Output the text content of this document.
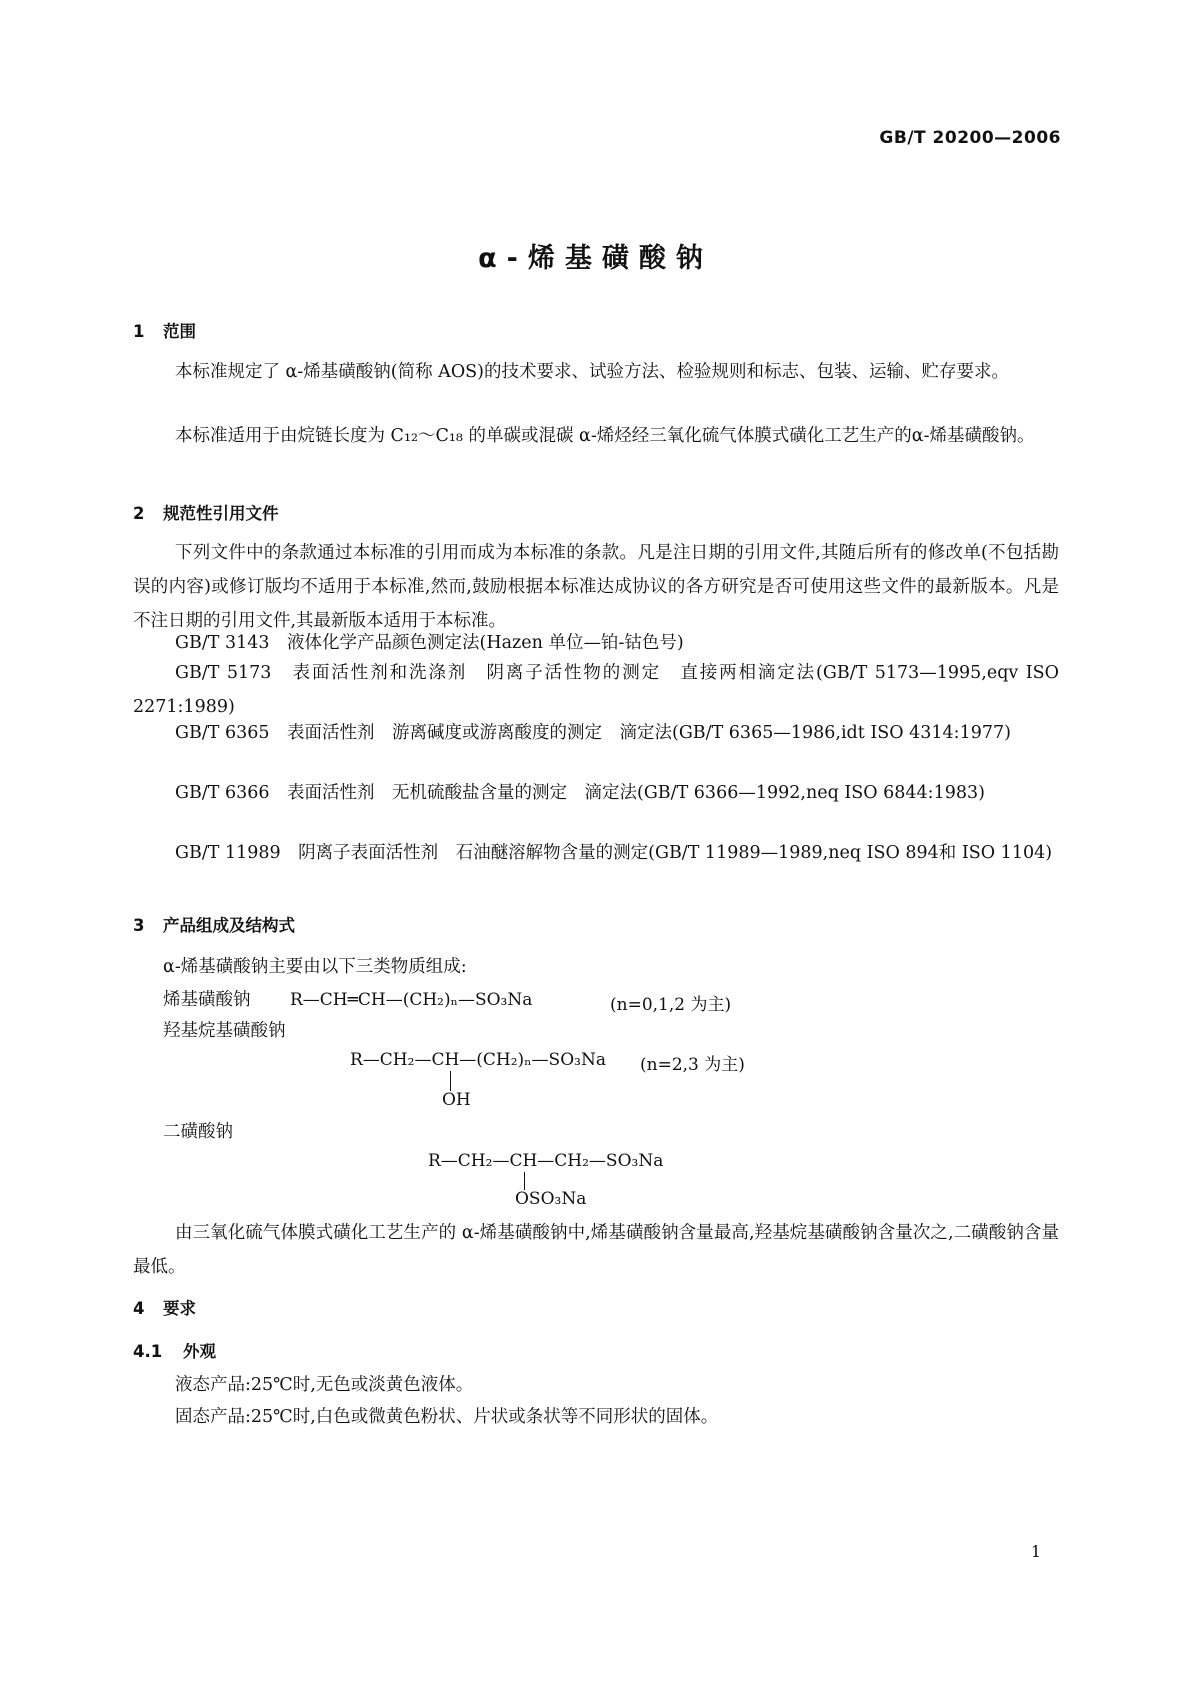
GB/T 20200—2006
α-烯基磺酸钠
1 范围
本标准规定了 α-烯基磺酸钠(简称 AOS)的技术要求、试验方法、检验规则和标志、包装、运输、贮存要求。
本标准适用于由烷链长度为 C₁₂～C₁₈ 的单碳或混碳 α-烯烃经三氧化硫气体膜式磺化工艺生产的α-烯基磺酸钠。
2 规范性引用文件
下列文件中的条款通过本标准的引用而成为本标准的条款。凡是注日期的引用文件,其随后所有的修改单(不包括勘误的内容)或修订版均不适用于本标准,然而,鼓励根据本标准达成协议的各方研究是否可使用这些文件的最新版本。凡是不注日期的引用文件,其最新版本适用于本标准。
GB/T 3143　液体化学产品颜色测定法(Hazen 单位—铂-钴色号)
GB/T 5173　表面活性剂和洗涤剂　阴离子活性物的测定　直接两相滴定法(GB/T 5173—1995,eqv ISO 2271:1989)
GB/T 6365　表面活性剂　游离碱度或游离酸度的测定　滴定法(GB/T 6365—1986,idt ISO 4314:1977)
GB/T 6366　表面活性剂　无机硫酸盐含量的测定　滴定法(GB/T 6366—1992,neq ISO 6844:1983)
GB/T 11989　阴离子表面活性剂　石油醚溶解物含量的测定(GB/T 11989—1989,neq ISO 894和 ISO 1104)
3 产品组成及结构式
α-烯基磺酸钠主要由以下三类物质组成:
烯基磺酸钠	R—CH═CH—(CH₂)ₙ—SO₃Na	(n=0,1,2 为主)
羟基烷基磺酸钠
R—CH₂—CH—(CH₂)ₙ—SO₃Na (n=2,3 为主)
OH
二磺酸钠
R—CH₂—CH—CH₂—SO₃Na
OSO₃Na
由三氧化硫气体膜式磺化工艺生产的 α-烯基磺酸钠中,烯基磺酸钠含量最高,羟基烷基磺酸钠含量次之,二磺酸钠含量最低。
4 要求
4.1 外观
液态产品:25℃时,无色或淡黄色液体。
固态产品:25℃时,白色或微黄色粉状、片状或条状等不同形状的固体。
1
